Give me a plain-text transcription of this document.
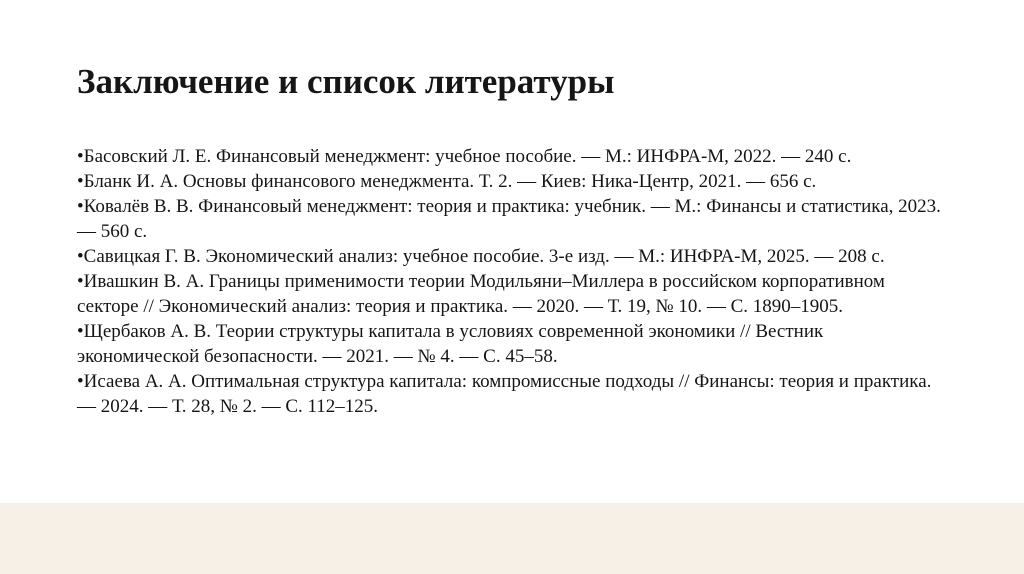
Заключение и список литературы
•Басовский Л. Е. Финансовый менеджмент: учебное пособие. — М.: ИНФРА-М, 2022. — 240 с.
•Бланк И. А. Основы финансового менеджмента. Т. 2. — Киев: Ника-Центр, 2021. — 656 с.
•Ковалёв В. В. Финансовый менеджмент: теория и практика: учебник. — М.: Финансы и статистика, 2023. — 560 с.
•Савицкая Г. В. Экономический анализ: учебное пособие. 3-е изд. — М.: ИНФРА-М, 2025. — 208 с.
•Ивашкин В. А. Границы применимости теории Модильяни–Миллера в российском корпоративном секторе // Экономический анализ: теория и практика. — 2020. — Т. 19, № 10. — С. 1890–1905.
•Щербаков А. В. Теории структуры капитала в условиях современной экономики // Вестник экономической безопасности. — 2021. — № 4. — С. 45–58.
•Исаева А. А. Оптимальная структура капитала: компромиссные подходы // Финансы: теория и практика. — 2024. — Т. 28, № 2. — С. 112–125.
